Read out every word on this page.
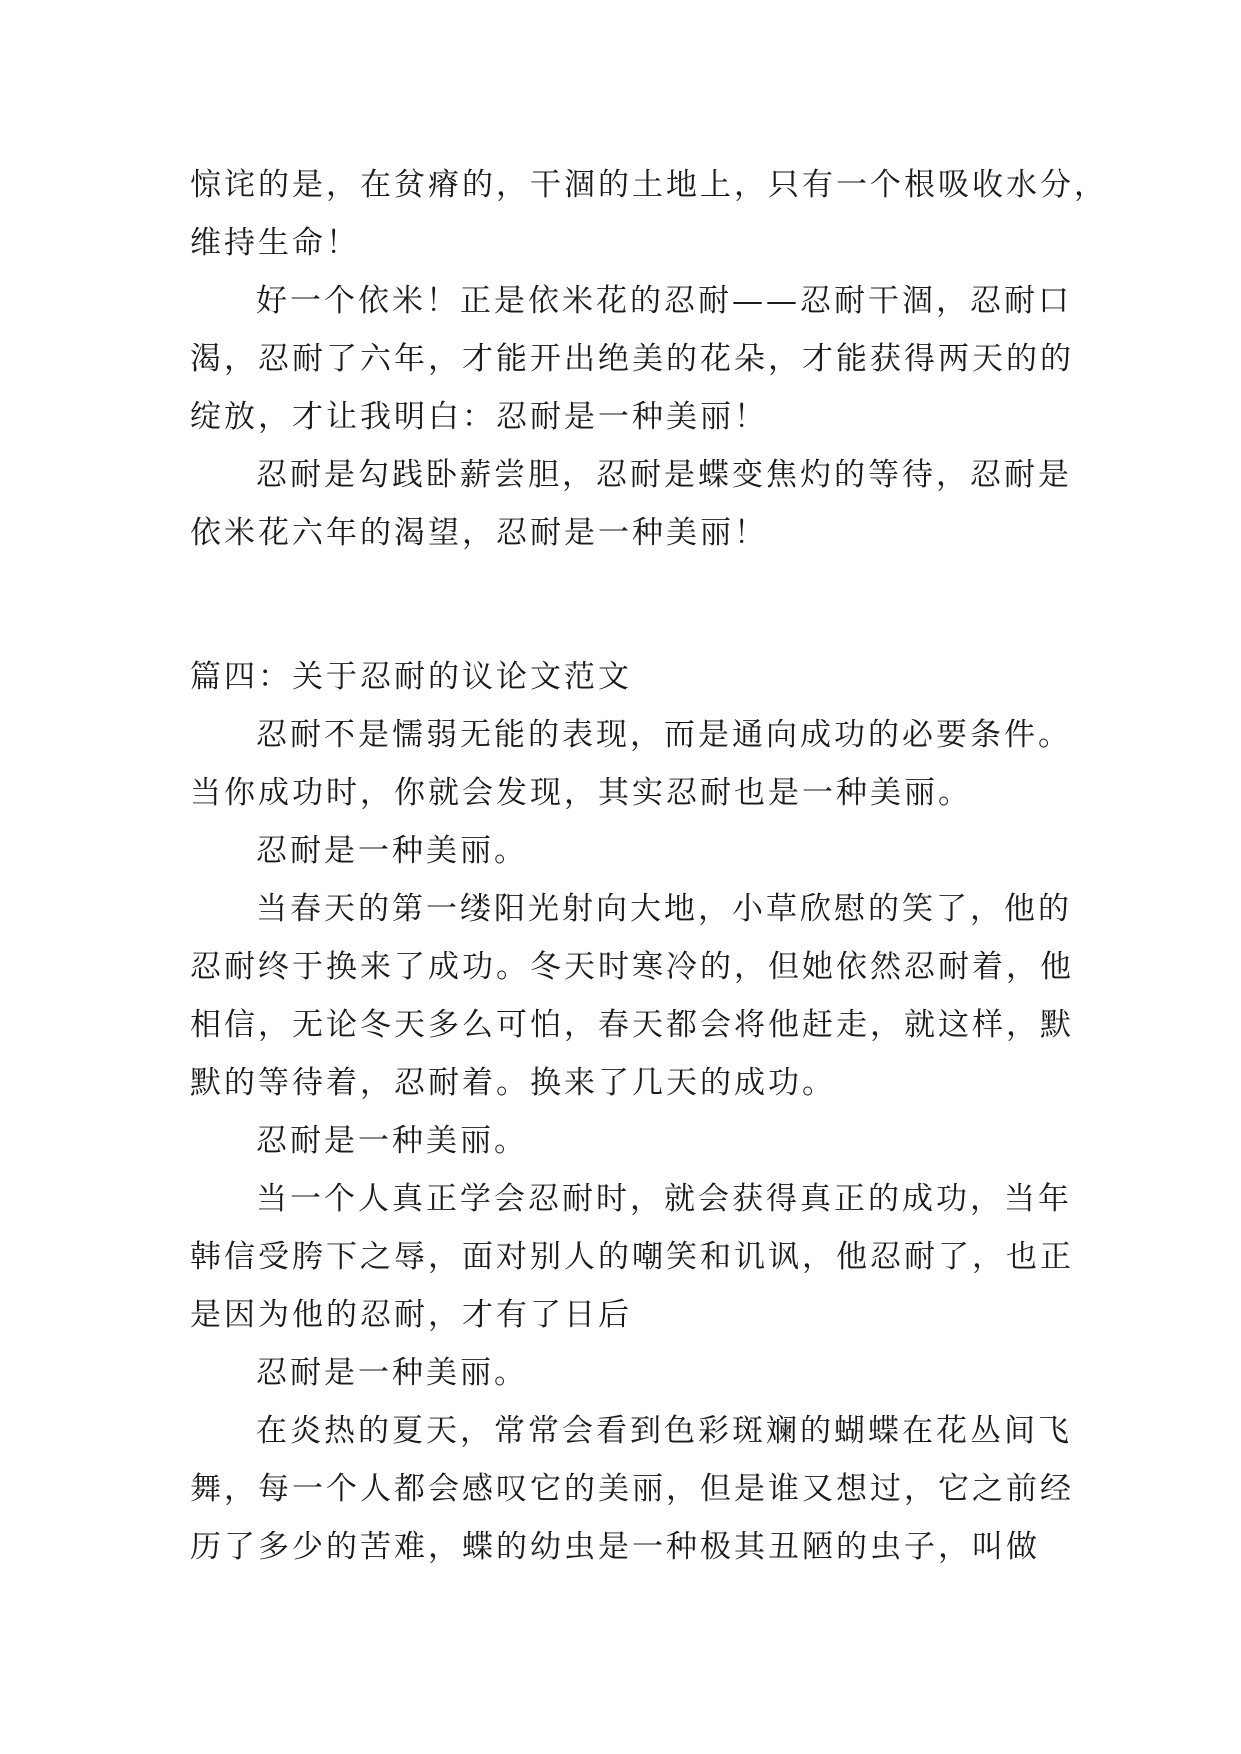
惊诧的是，在贫瘠的，干涸的土地上，只有一个根吸收水分，
维持生命！
好一个依米！正是依米花的忍耐——忍耐干涸，忍耐口
渴，忍耐了六年，才能开出绝美的花朵，才能获得两天的的
绽放，才让我明白：忍耐是一种美丽！
忍耐是勾践卧薪尝胆，忍耐是蝶变焦灼的等待，忍耐是
依米花六年的渴望，忍耐是一种美丽！
篇四：关于忍耐的议论文范文
忍耐不是懦弱无能的表现，而是通向成功的必要条件。
当你成功时，你就会发现，其实忍耐也是一种美丽。
忍耐是一种美丽。
当春天的第一缕阳光射向大地，小草欣慰的笑了，他的
忍耐终于换来了成功。冬天时寒冷的，但她依然忍耐着，他
相信，无论冬天多么可怕，春天都会将他赶走，就这样，默
默的等待着，忍耐着。换来了几天的成功。
忍耐是一种美丽。
当一个人真正学会忍耐时，就会获得真正的成功，当年
韩信受胯下之辱，面对别人的嘲笑和讥讽，他忍耐了，也正
是因为他的忍耐，才有了日后
忍耐是一种美丽。
在炎热的夏天，常常会看到色彩斑斓的蝴蝶在花丛间飞
舞，每一个人都会感叹它的美丽，但是谁又想过，它之前经
历了多少的苦难，蝶的幼虫是一种极其丑陋的虫子，叫做
